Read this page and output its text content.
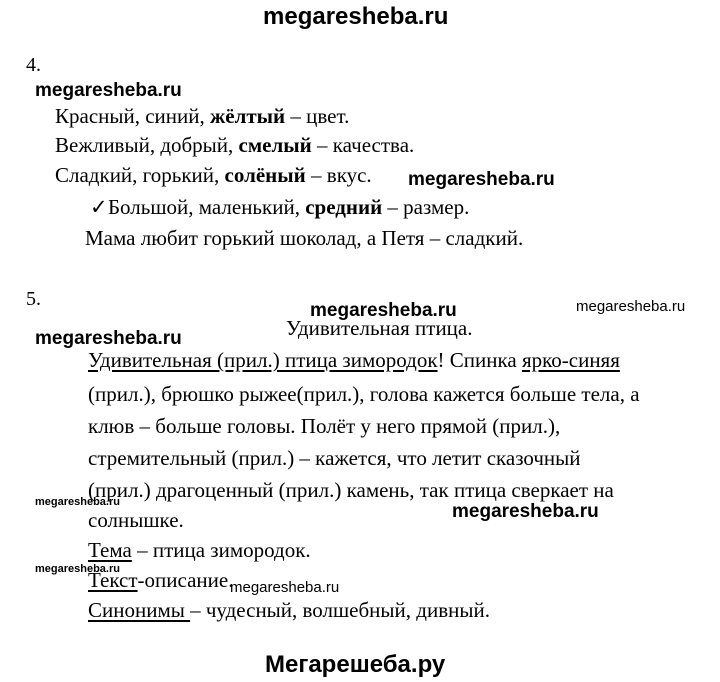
megaresheba.ru
4.
megaresheba.ru
Красный, синий, жёлтый – цвет.
Вежливый, добрый, смелый – качества.
Сладкий, горький, солёный – вкус. megaresheba.ru
✓Большой, маленький, средний – размер.
Мама любит горький шоколад, а Петя – сладкий.
5.
megaresheba.ru	megaresheba.ru
Удивительная птица.
megaresheba.ru
Удивительная (прил.) птица зимородок! Спинка ярко-синяя
(прил.), брюшко рыжее(прил.), голова кажется больше тела, а
клюв – больше головы. Полёт у него прямой (прил.),
стремительный (прил.) – кажется, что летит сказочный
(прил.) драгоценный (прил.) камень, так птица сверкает на
megaresheba.ru	megaresheba.ru
солнышке.
Тема – птица зимородок.
megaresheba.ru
Текст-описание.
megaresheba.ru
Синонимы – чудесный, волшебный, дивный.
Мегарешеба.ру
